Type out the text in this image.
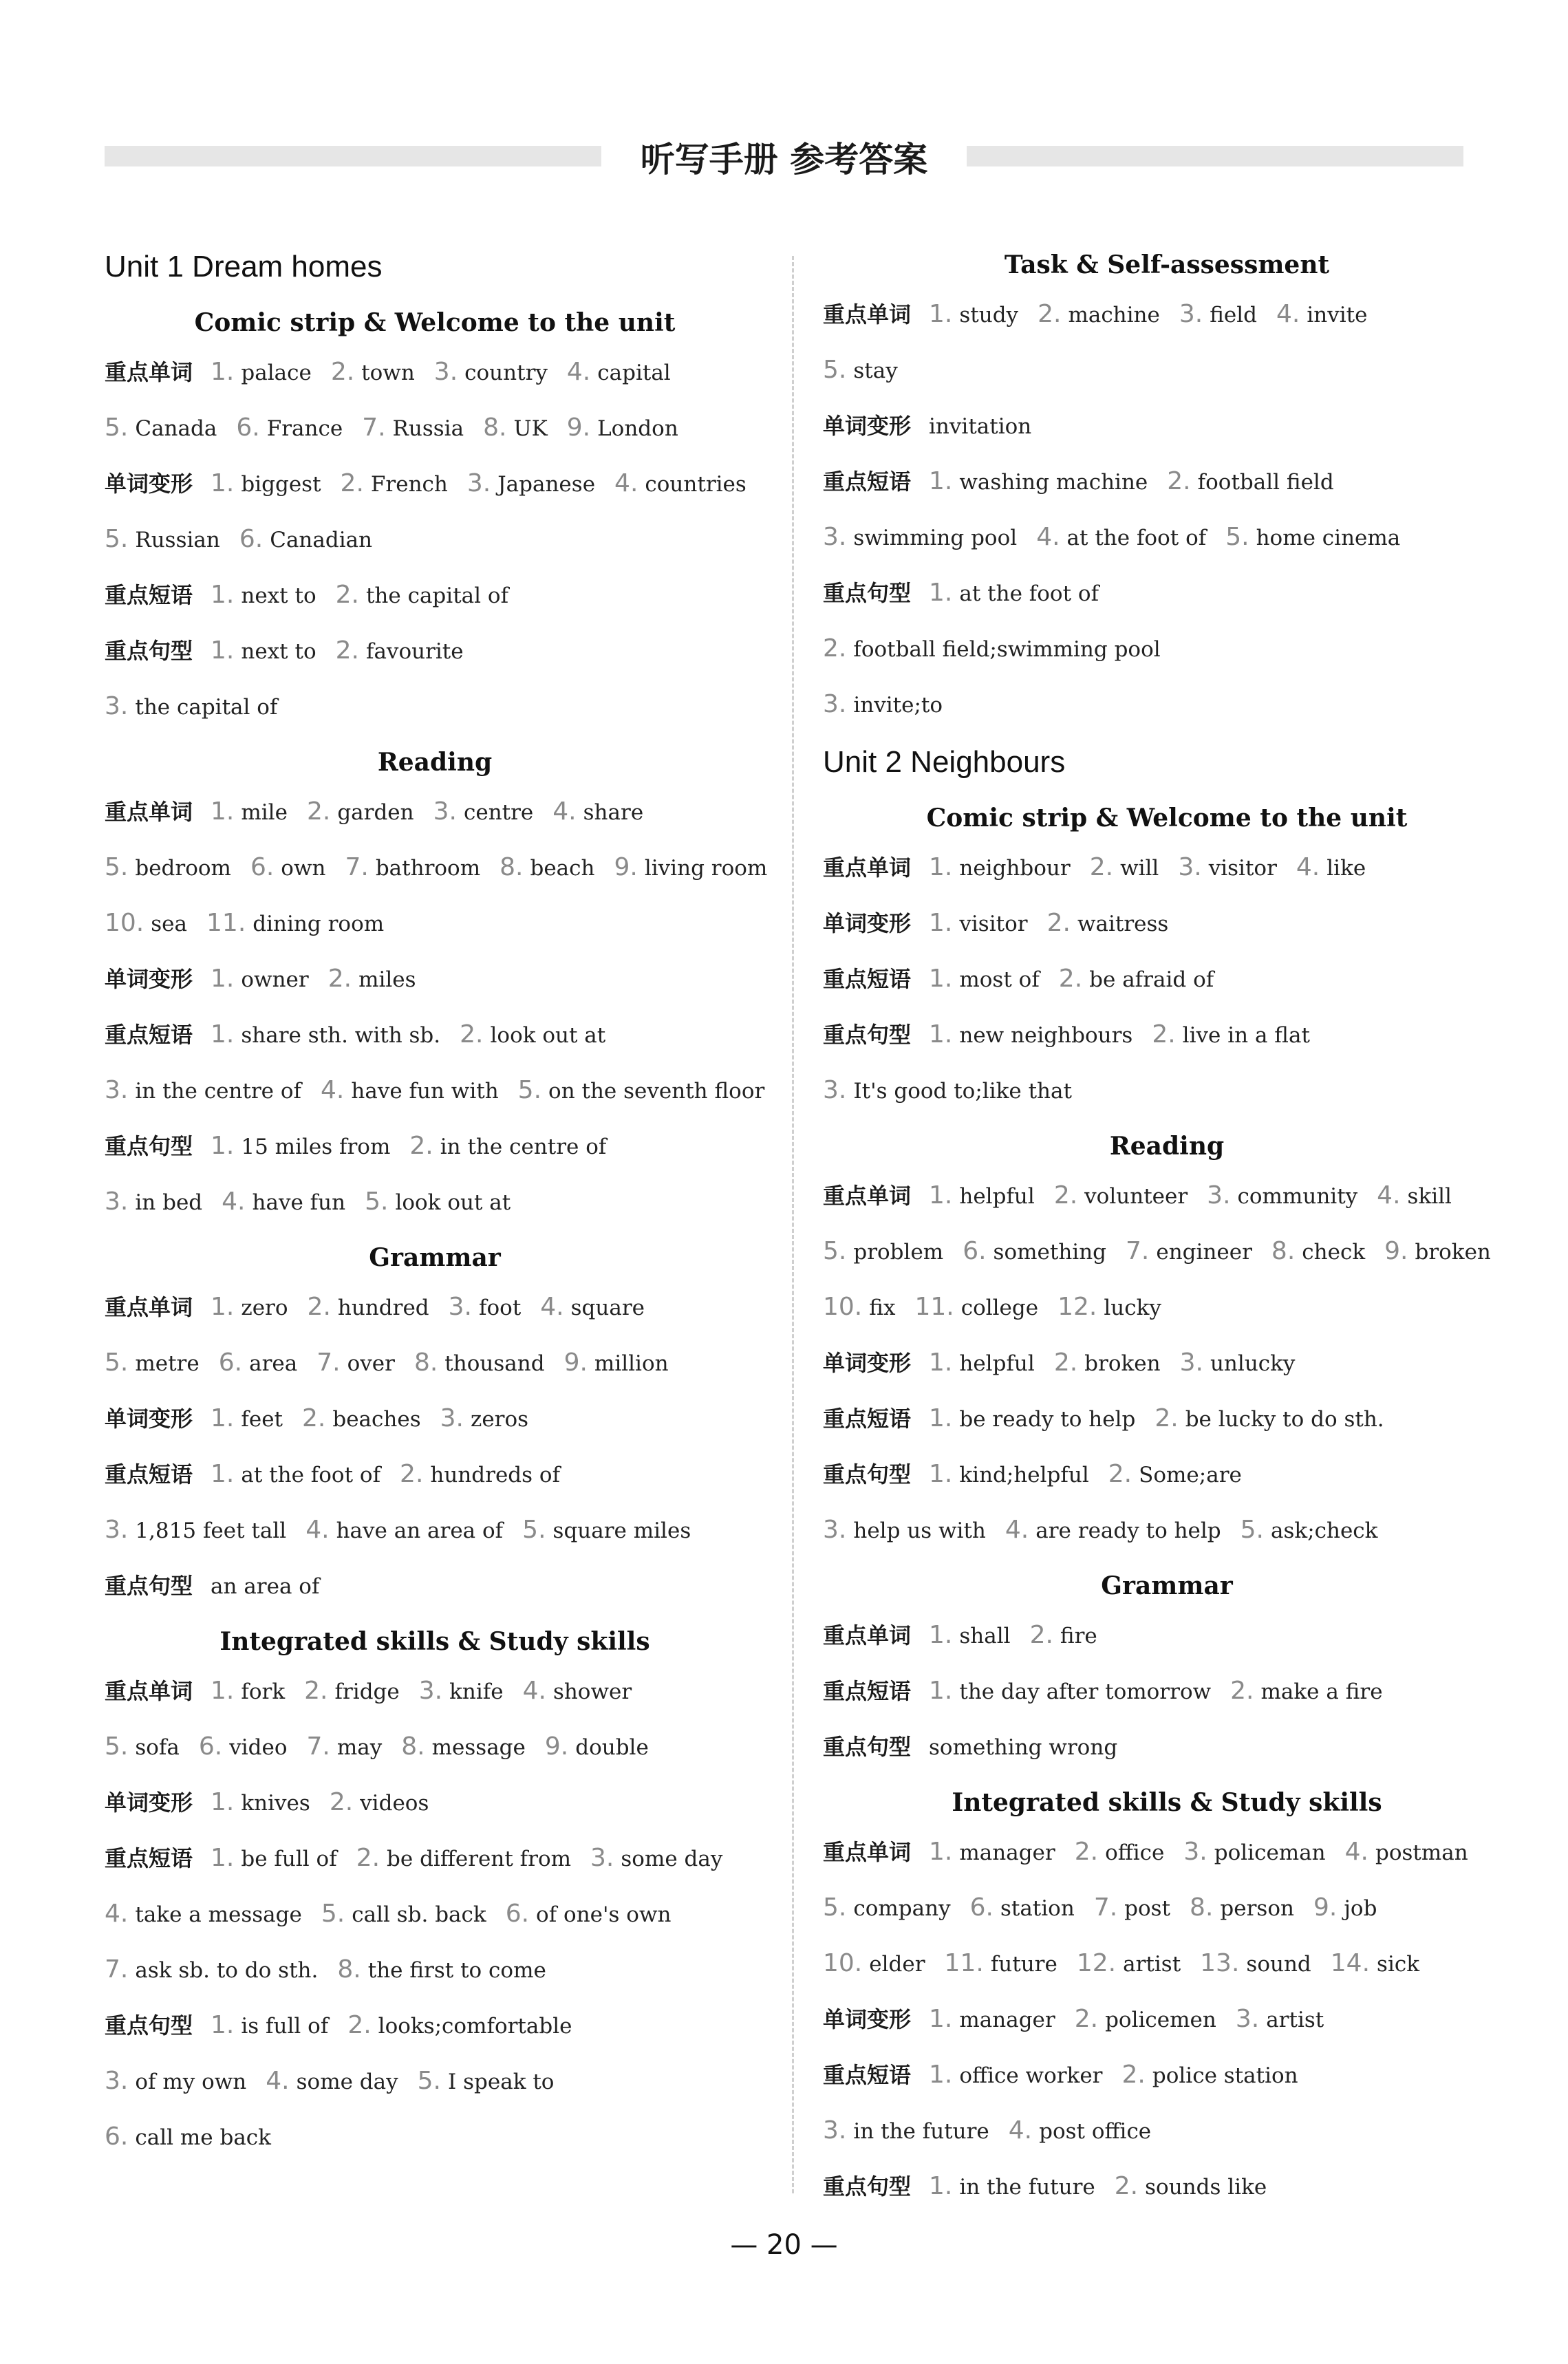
听写手册 参考答案
Unit 1 Dream homes
Comic strip & Welcome to the unit
重点单词 1. palace 2. town 3. country 4. capital
5. Canada 6. France 7. Russia 8. UK 9. London
单词变形 1. biggest 2. French 3. Japanese 4. countries
5. Russian 6. Canadian
重点短语 1. next to 2. the capital of
重点句型 1. next to 2. favourite
3. the capital of
Reading
重点单词 1. mile 2. garden 3. centre 4. share
5. bedroom 6. own 7. bathroom 8. beach 9. living room
10. sea 11. dining room
单词变形 1. owner 2. miles
重点短语 1. share sth. with sb. 2. look out at
3. in the centre of 4. have fun with 5. on the seventh floor
重点句型 1. 15 miles from 2. in the centre of
3. in bed 4. have fun 5. look out at
Grammar
重点单词 1. zero 2. hundred 3. foot 4. square
5. metre 6. area 7. over 8. thousand 9. million
单词变形 1. feet 2. beaches 3. zeros
重点短语 1. at the foot of 2. hundreds of
3. 1,815 feet tall 4. have an area of 5. square miles
重点句型 an area of
Integrated skills & Study skills
重点单词 1. fork 2. fridge 3. knife 4. shower
5. sofa 6. video 7. may 8. message 9. double
单词变形 1. knives 2. videos
重点短语 1. be full of 2. be different from 3. some day
4. take a message 5. call sb. back 6. of one's own
7. ask sb. to do sth. 8. the first to come
重点句型 1. is full of 2. looks;comfortable
3. of my own 4. some day 5. I speak to
6. call me back
Task & Self-assessment
重点单词 1. study 2. machine 3. field 4. invite
5. stay
单词变形 invitation
重点短语 1. washing machine 2. football field
3. swimming pool 4. at the foot of 5. home cinema
重点句型 1. at the foot of
2. football field;swimming pool
3. invite;to
Unit 2 Neighbours
Comic strip & Welcome to the unit
重点单词 1. neighbour 2. will 3. visitor 4. like
单词变形 1. visitor 2. waitress
重点短语 1. most of 2. be afraid of
重点句型 1. new neighbours 2. live in a flat
3. It's good to;like that
Reading
重点单词 1. helpful 2. volunteer 3. community 4. skill
5. problem 6. something 7. engineer 8. check 9. broken
10. fix 11. college 12. lucky
单词变形 1. helpful 2. broken 3. unlucky
重点短语 1. be ready to help 2. be lucky to do sth.
重点句型 1. kind;helpful 2. Some;are
3. help us with 4. are ready to help 5. ask;check
Grammar
重点单词 1. shall 2. fire
重点短语 1. the day after tomorrow 2. make a fire
重点句型 something wrong
Integrated skills & Study skills
重点单词 1. manager 2. office 3. policeman 4. postman
5. company 6. station 7. post 8. person 9. job
10. elder 11. future 12. artist 13. sound 14. sick
单词变形 1. manager 2. policemen 3. artist
重点短语 1. office worker 2. police station
3. in the future 4. post office
重点句型 1. in the future 2. sounds like
— 20 —
